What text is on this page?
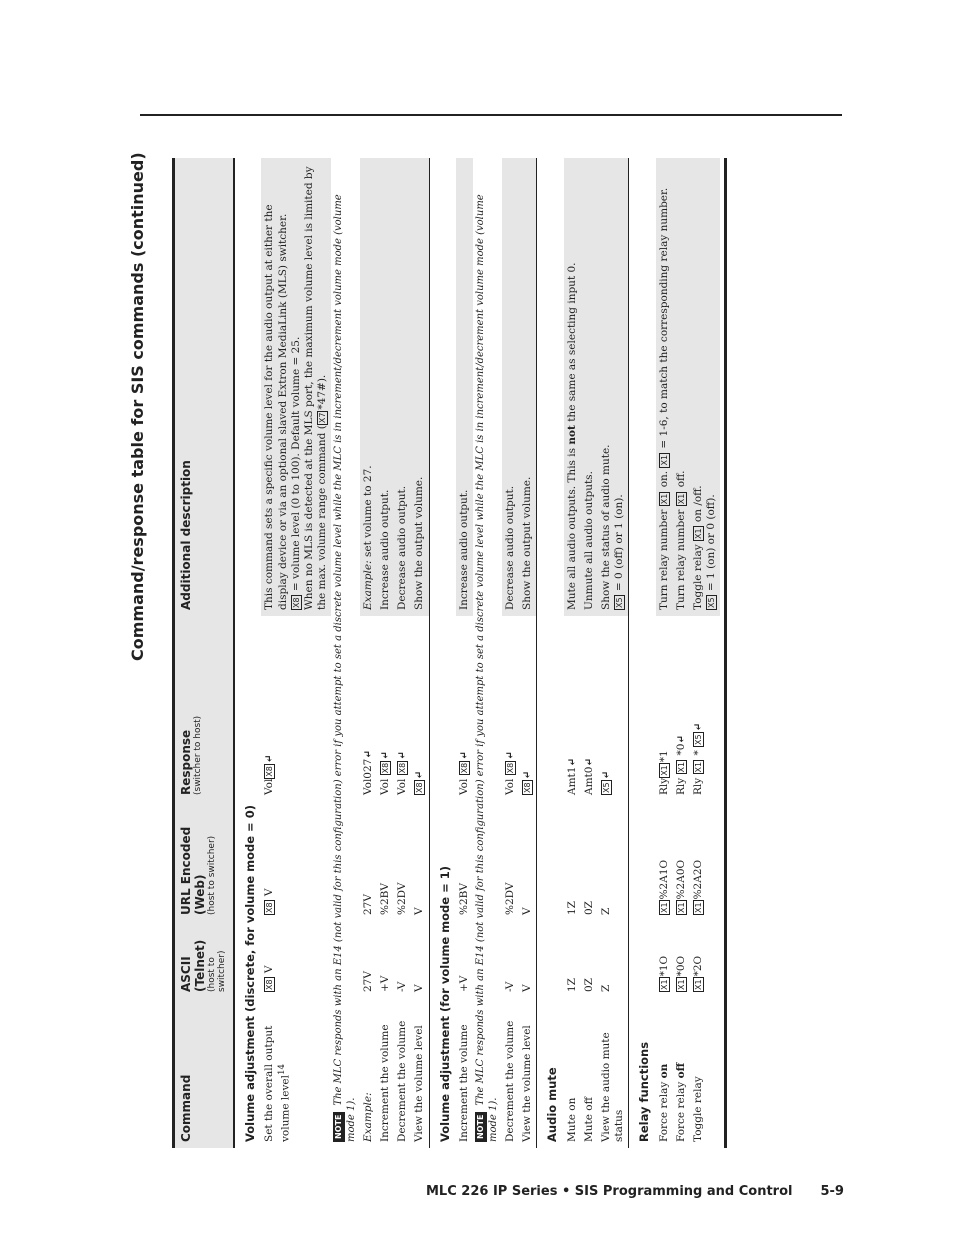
Command/response table for SIS commands (continued)
Command	ASCII (Telnet) (host to switcher)	URL Encoded (Web) (host to switcher)	Response (switcher to host)	Additional description
Volume adjustment (discrete, for volume mode = 0)				
Set the overall output volume level$^{14}$	X8 V	X8 V	VolX8↵	This command sets a specific volume level for the audio output at either the display device or via an optional slaved Extron MediaLink (MLS) switcher. X8 = volume level (0 to 100). Default volume = 25.
When no MLS is detected at the MLS port, the maximum volume level is limited by the max. volume range command (X7*47#).
NOTEThe MLC responds with an E14 (not valid for this configuration) error if you attempt to set a discrete volume level while the MLC is in increment/decrement volume mode (volume mode 1).				
Example:	27V	27V	Vol027↵	Example: set volume to 27.
Increment the volume	+V	%2BV	Vol X8↵	Increase audio output.
Decrement the volume	-V	%2DV	Vol X8↵	Decrease audio output.
View the volume level	V	V	X8↵	Show the output volume.
Volume adjustment (for volume mode = 1)				
Increment the volume	+V	%2BV	Vol X8↵	Increase audio output.
NOTEThe MLC responds with an E14 (not valid for this configuration) error if you attempt to set a discrete volume level while the MLC is in increment/decrement volume mode (volume mode 1).				
Decrement the volume	-V	%2DV	Vol X8↵	Decrease audio output.
View the volume level	V	V	X8↵	Show the output volume.
Audio mute				
Mute on	1Z	1Z	Amt1↵	Mute all audio outputs. This is not the same as selecting input 0.
Mute off	0Z	0Z	Amt0↵	Unmute all audio outputs.
View the audio mute status	Z	Z	X5↵	Show the status of audio mute. X5 = 0 (off) or 1 (on).
Relay functions				
Force relay on	X1*1O	X1%2A1O	RlyX1*1	Turn relay number X1 on. X1 = 1-6, to match the corresponding relay number.
Force relay off	X1*0O	X1%2A0O	Rly X1 *0↵	Turn relay number X1 off.
Toggle relay	X1*2O	X1%2A2O	Rly X1 * X5↵	Toggle relay X1 on /off.
X5 = 1 (on) or 0 (off).

MLC 226 IP Series • SIS Programming and Control 5-9
